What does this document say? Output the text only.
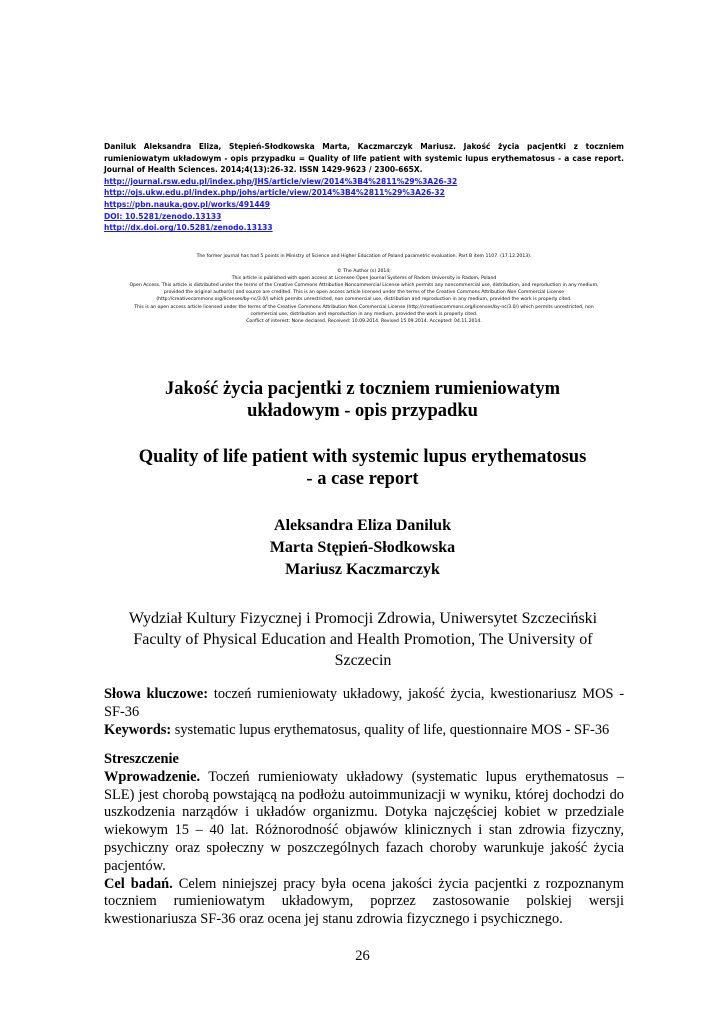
Daniluk Aleksandra Eliza, Stępień-Słodkowska Marta, Kaczmarczyk Mariusz. Jakość życia pacjentki z toczniem rumieniowatym układowym - opis przypadku = Quality of life patient with systemic lupus erythematosus - a case report. Journal of Health Sciences. 2014;4(13):26-32. ISSN 1429-9623 / 2300-665X.
http://journal.rsw.edu.pl/index.php/JHS/article/view/2014%3B4%2811%29%3A26-32
http://ojs.ukw.edu.pl/index.php/johs/article/view/2014%3B4%2811%29%3A26-32
https://pbn.nauka.gov.pl/works/491449
DOI: 10.5281/zenodo.13133
http://dx.doi.org/10.5281/zenodo.13133
The former journal has had 5 points in Ministry of Science and Higher Education of Poland parametric evaluation. Part B item 1107. (17.12.2013).
© The Author (s) 2014;
This article is published with open access at Licensee Open Journal Systems of Radom University in Radom, Poland
Open Access. This article is distributed under the terms of the Creative Commons Attribution Noncommercial License which permits any noncommercial use, distribution, and reproduction in any medium,
provided the original author(s) and source are credited. This is an open access article licensed under the terms of the Creative Commons Attribution Non Commercial License
(http://creativecommons.org/licenses/by-nc/3.0/) which permits unrestricted, non commercial use, distribution and reproduction in any medium, provided the work is properly cited.
This is an open access article licensed under the terms of the Creative Commons Attribution Non Commercial License (http://creativecommons.org/licenses/by-nc/3.0/) which permits unrestricted, non
commercial use, distribution and reproduction in any medium, provided the work is properly cited.
Conflict of interest: None declared. Received: 10.09.2014. Revised 15.09.2014. Accepted: 04.11.2014.
Jakość życia pacjentki z toczniem rumieniowatym
układowym - opis przypadku
Quality of life patient with systemic lupus erythematosus
- a case report
Aleksandra Eliza Daniluk
Marta Stępień-Słodkowska
Mariusz Kaczmarczyk
Wydział Kultury Fizycznej i Promocji Zdrowia, Uniwersytet Szczeciński
Faculty of Physical Education and Health Promotion, The University of Szczecin

Słowa kluczowe: toczeń rumieniowaty układowy, jakość życia, kwestionariusz MOS - SF-36

Keywords: systematic lupus erythematosus, quality of life, questionnaire MOS - SF-36

Streszczenie

Wprowadzenie. Toczeń rumieniowaty układowy (systematic lupus erythematosus – SLE) jest chorobą powstającą na podłożu autoimmunizacji w wyniku, której dochodzi do uszkodzenia narządów i układów organizmu. Dotyka najczęściej kobiet w przedziale wiekowym 15 – 40 lat. Różnorodność objawów klinicznych i stan zdrowia fizyczny, psychiczny oraz społeczny w poszczególnych fazach choroby warunkuje jakość życia pacjentów.

Cel badań. Celem niniejszej pracy była ocena jakości życia pacjentki z rozpoznanym toczniem rumieniowatym układowym, poprzez zastosowanie polskiej wersji kwestionariusza SF-36 oraz ocena jej stanu zdrowia fizycznego i psychicznego.

26
